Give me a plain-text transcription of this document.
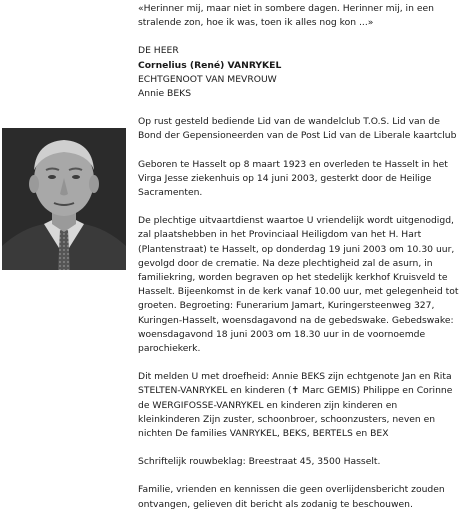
«Herinner mij, maar niet in sombere dagen. Herinner mij, in een stralende zon, hoe ik was, toen ik alles nog kon ...»

DE HEER

Cornelius (René) VANRYKEL

ECHTGENOOT VAN MEVROUW

Annie BEKS

Op rust gesteld bediende Lid van de wandelclub T.O.S. Lid van de Bond der Gepensioneerden van de Post Lid van de Liberale kaartclub

Geboren te Hasselt op 8 maart 1923 en overleden te Hasselt in het Virga Jesse ziekenhuis op 14 juni 2003, gesterkt door de Heilige Sacramenten.

De plechtige uitvaartdienst waartoe U vriendelijk wordt uitgenodigd, zal plaatshebben in het Provinciaal Heiligdom van het H. Hart (Plantenstraat) te Hasselt, op donderdag 19 juni 2003 om 10.30 uur, gevolgd door de crematie. Na deze plechtigheid zal de asurn, in familiekring, worden begraven op het stedelijk kerkhof Kruisveld te Hasselt. Bijeenkomst in de kerk vanaf 10.00 uur, met gelegenheid tot groeten. Begroeting: Funerarium Jamart, Kuringersteenweg 327, Kuringen-Hasselt, woensdagavond na de gebedswake. Gebedswake: woensdagavond 18 juni 2003 om 18.30 uur in de voornoemde parochiekerk.

Dit melden U met droefheid: Annie BEKS zijn echtgenote Jan en Rita STELTEN-VANRYKEL en kinderen (✝ Marc GEMIS) Philippe en Corinne de WERGIFOSSE-VANRYKEL en kinderen zijn kinderen en kleinkinderen Zijn zuster, schoonbroer, schoonzusters, neven en nichten De families VANRYKEL, BEKS, BERTELS en BEX

Schriftelijk rouwbeklag: Breestraat 45, 3500 Hasselt.

Familie, vrienden en kennissen die geen overlijdensbericht zouden ontvangen, gelieven dit bericht als zodanig te beschouwen.
